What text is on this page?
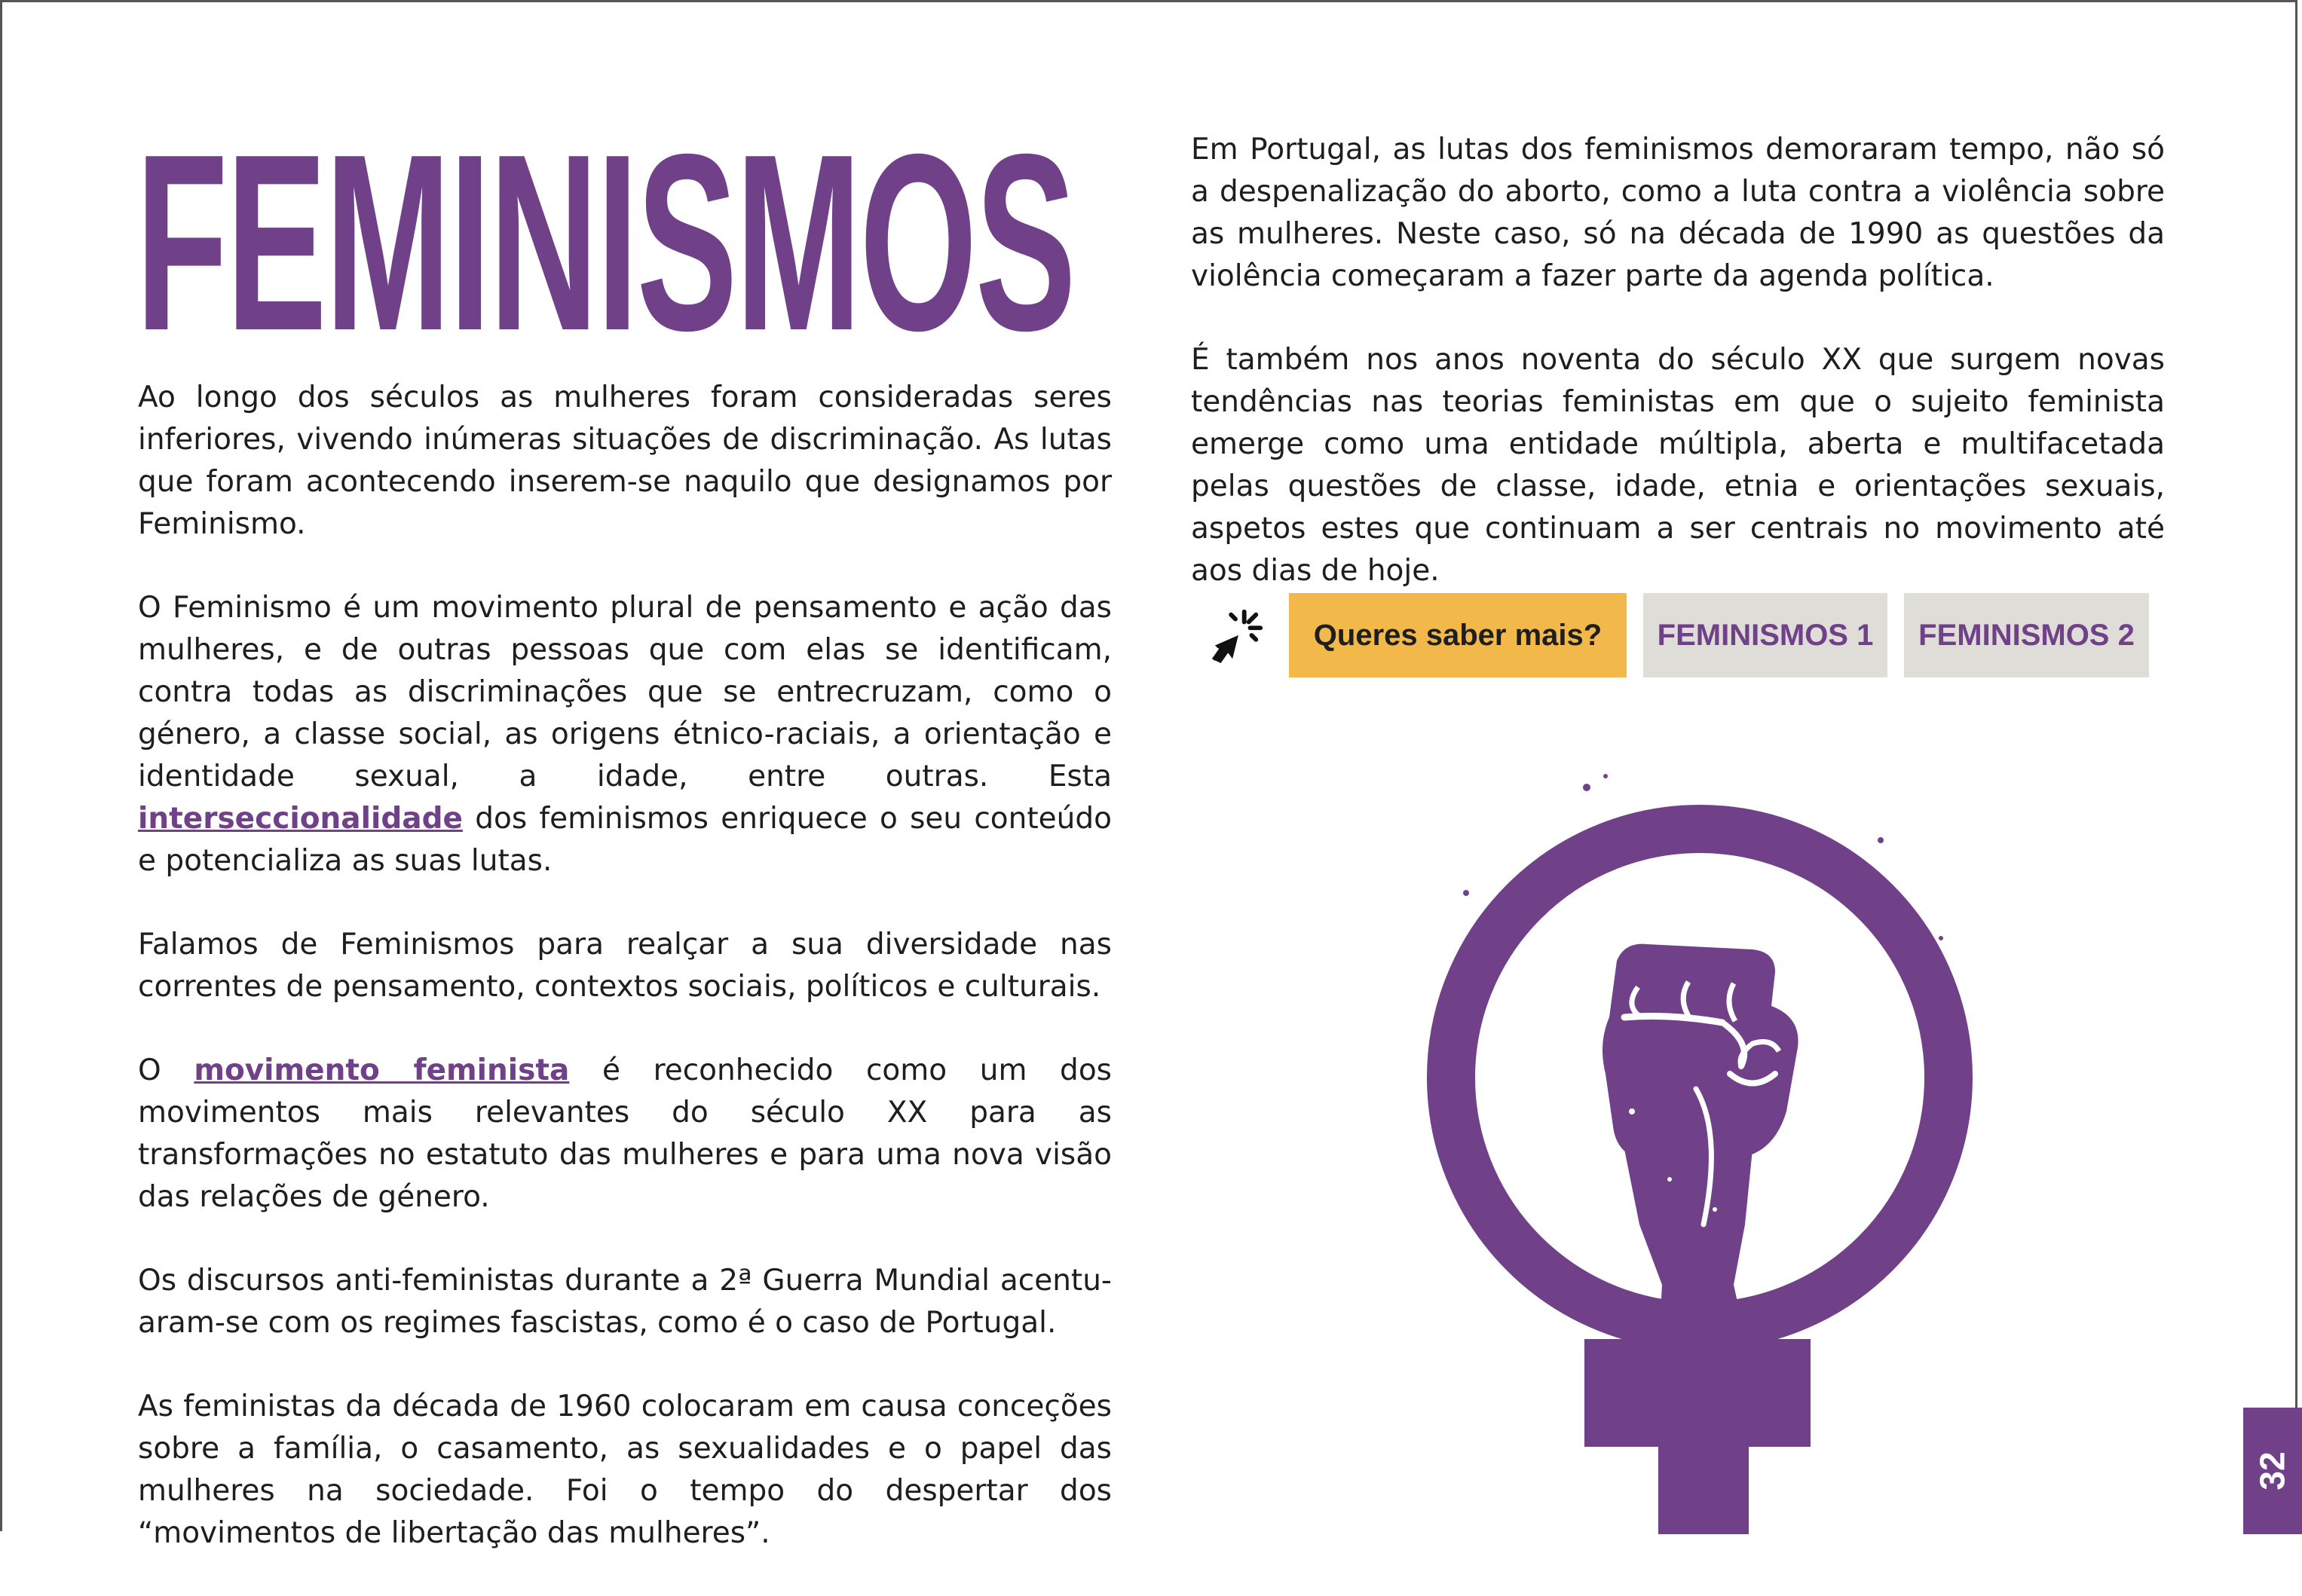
FEMINISMOS

Ao longo dos séculos as mulheres foram consideradas seres inferiores, vivendo inúmeras situações de discriminação. As lutas que foram acontecendo inserem-se naquilo que designamos por Feminismo.

O Feminismo é um movimento plural de pensamento e ação das mulheres, e de outras pessoas que com elas se identificam, contra todas as discriminações que se entrecruzam, como o género, a classe social, as origens étnico-raciais, a orientação e identidade sexual, a idade, entre outras. Esta interseccionalidade dos feminismos enriquece o seu conteúdo e potencializa as suas lutas.

Falamos de Feminismos para realçar a sua diversidade nas correntes de pensamento, contextos sociais, políticos e culturais.

O movimento feminista é reconhecido como um dos movimentos mais relevantes do século XX para as transformações no estatuto das mulheres e para uma nova visão das relações de género.

Os discursos anti-feministas durante a 2ª Guerra Mundial acentu-aram-se com os regimes fascistas, como é o caso de Portugal.

As feministas da década de 1960 colocaram em causa conceções sobre a família, o casamento, as sexualidades e o papel das mulheres na sociedade. Foi o tempo do despertar dos “movimentos de libertação das mulheres”.

Em Portugal, as lutas dos feminismos demoraram tempo, não só a despenalização do aborto, como a luta contra a violência sobre as mulheres. Neste caso, só na década de 1990 as questões da violência começaram a fazer parte da agenda política.

É também nos anos noventa do século XX que surgem novas tendências nas teorias feministas em que o sujeito feminista emerge como uma entidade múltipla, aberta e multifacetada pelas questões de classe, idade, etnia e orientações sexuais, aspetos estes que continuam a ser centrais no movimento até aos dias de hoje.

Queres saber mais?	FEMINISMOS 1	FEMINISMOS 2
32
